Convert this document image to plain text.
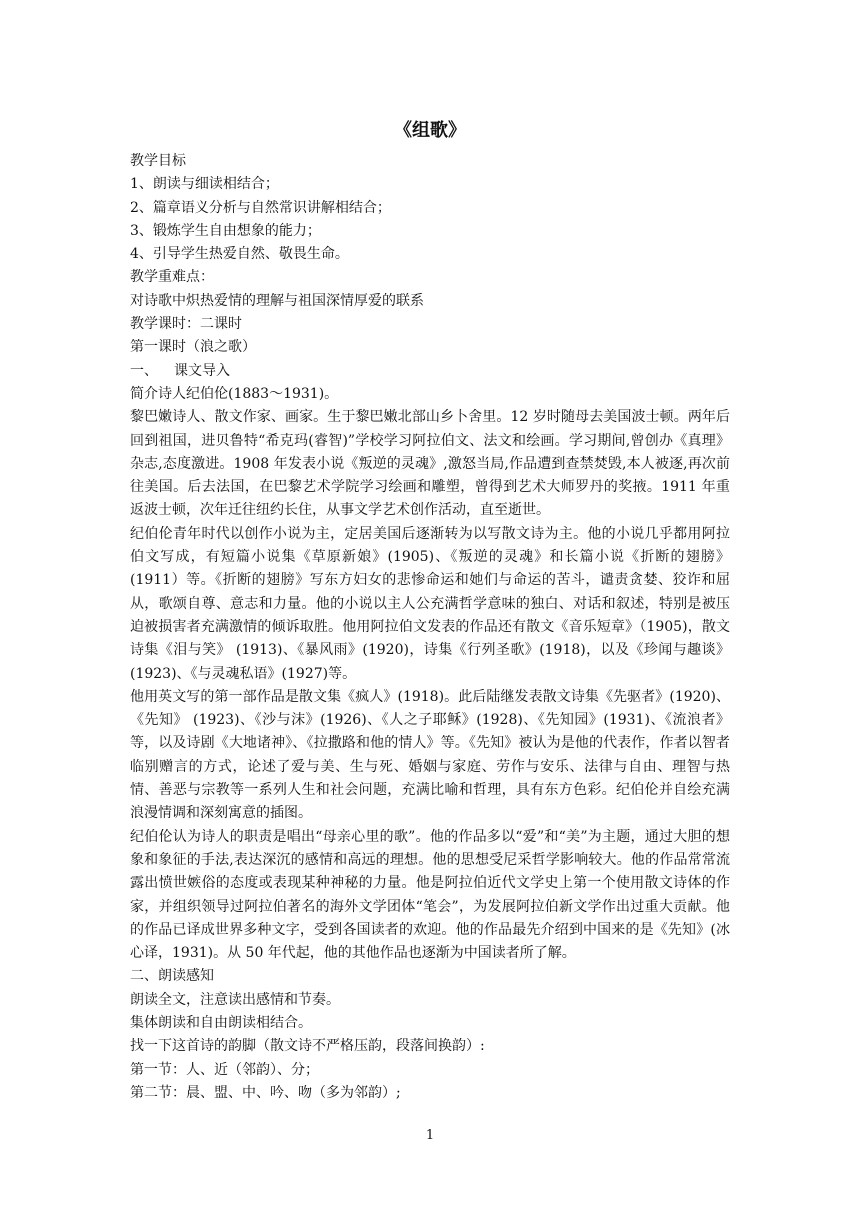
《组歌》

教学目标

1、朗读与细读相结合；

2、篇章语义分析与自然常识讲解相结合；

3、锻炼学生自由想象的能力；

4、引导学生热爱自然、敬畏生命。

教学重难点：

对诗歌中炽热爱情的理解与祖国深情厚爱的联系

教学课时：二课时

第一课时（浪之歌）

一、 课文导入

简介诗人纪伯伦(1883～1931)。

黎巴嫩诗人、散文作家、画家。生于黎巴嫩北部山乡卜舍里。12 岁时随母去美国波士顿。两年后回到祖国，进贝鲁特“希克玛(睿智)”学校学习阿拉伯文、法文和绘画。学习期间,曾创办《真理》杂志,态度激进。1908 年发表小说《叛逆的灵魂》,激怒当局,作品遭到查禁焚毁,本人被逐,再次前往美国。后去法国，在巴黎艺术学院学习绘画和雕塑，曾得到艺术大师罗丹的奖掖。1911 年重返波士顿，次年迁往纽约长住，从事文学艺术创作活动，直至逝世。

纪伯伦青年时代以创作小说为主，定居美国后逐渐转为以写散文诗为主。他的小说几乎都用阿拉伯文写成，有短篇小说集《草原新娘》(1905)、《叛逆的灵魂》和长篇小说《折断的翅膀》(1911）等。《折断的翅膀》写东方妇女的悲惨命运和她们与命运的苦斗，谴责贪婪、狡诈和屈从，歌颂自尊、意志和力量。他的小说以主人公充满哲学意味的独白、对话和叙述，特别是被压迫被损害者充满激情的倾诉取胜。他用阿拉伯文发表的作品还有散文《音乐短章》（1905)，散文诗集《泪与笑》 (1913)、《暴风雨》(1920)，诗集《行列圣歌》(1918)，以及《珍闻与趣谈》(1923)、《与灵魂私语》(1927)等。

他用英文写的第一部作品是散文集《疯人》(1918)。此后陆继发表散文诗集《先驱者》(1920)、《先知》 (1923)、《沙与沫》(1926)、《人之子耶稣》(1928)、《先知园》(1931)、《流浪者》等，以及诗剧《大地诸神》、《拉撒路和他的情人》等。《先知》被认为是他的代表作，作者以智者临别赠言的方式，论述了爱与美、生与死、婚姻与家庭、劳作与安乐、法律与自由、理智与热情、善恶与宗教等一系列人生和社会问题，充满比喻和哲理，具有东方色彩。纪伯伦并自绘充满浪漫情调和深刻寓意的插图。

纪伯伦认为诗人的职责是唱出“母亲心里的歌”。他的作品多以“爱”和“美”为主题，通过大胆的想象和象征的手法,表达深沉的感情和高远的理想。他的思想受尼采哲学影响较大。他的作品常常流露出愤世嫉俗的态度或表现某种神秘的力量。他是阿拉伯近代文学史上第一个使用散文诗体的作家，并组织领导过阿拉伯著名的海外文学团体“笔会”，为发展阿拉伯新文学作出过重大贡献。他的作品已译成世界多种文字，受到各国读者的欢迎。他的作品最先介绍到中国来的是《先知》(冰心译，1931)。从 50 年代起，他的其他作品也逐渐为中国读者所了解。

二、朗读感知

朗读全文，注意读出感情和节奏。

集体朗读和自由朗读相结合。

找一下这首诗的韵脚（散文诗不严格压韵，段落间换韵）:

第一节：人、近（邻韵）、分；

第二节：晨、盟、中、吟、吻（多为邻韵）;

1
